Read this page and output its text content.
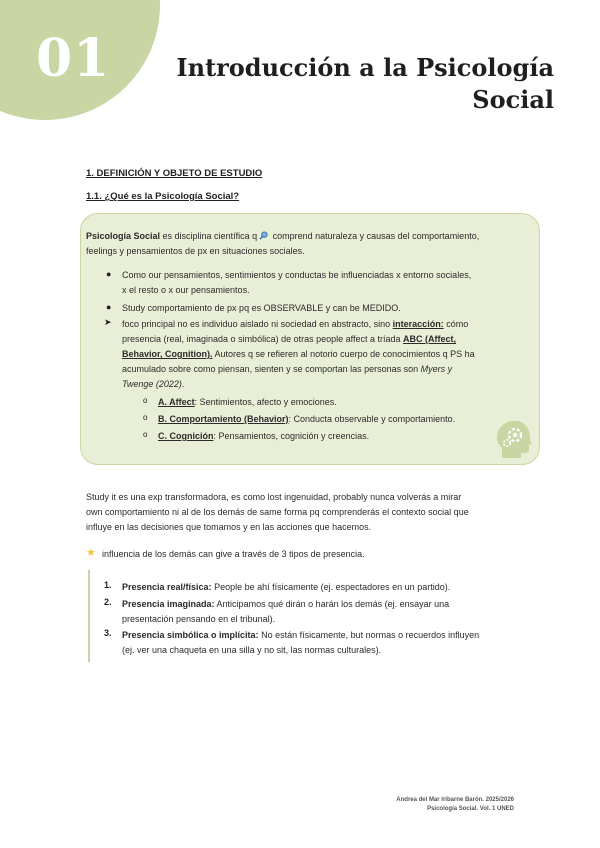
01	Introducción a la Psicología
Social
1. DEFINICIÓN Y OBJETO DE ESTUDIO
1.1. ¿Qué es la Psicología Social?
Psicología Social es disciplina científica q comprend naturaleza y causas del comportamiento,
feelings y pensamientos de px en situaciones sociales.
● Como our pensamientos, sentimientos y conductas be influenciadas x entorno sociales,
x el resto o x our pensamientos.
● Study comportamiento de px pq es OBSERVABLE y can be MEDIDO.
➤ foco principal no es individuo aislado ni sociedad en abstracto, sino interacción: cómo
presencia (real, imaginada o simbólica) de otras people affect a tríada ABC (Affect,
Behavior, Cognition). Autores q se refieren al notorio cuerpo de conocimientos q PS ha
acumulado sobre como piensan, sienten y se comportan las personas son Myers y
Twenge (2022).
o A. Affect: Sentimientos, afecto y emociones.
o B. Comportamiento (Behavior): Conducta observable y comportamiento.
o C. Cognición: Pensamientos, cognición y creencias.
Study it es una exp transformadora, es como lost ingenuidad, probably nunca volverás a mirar
own comportamiento ni al de los demás de same forma pq comprenderás el contexto social que
influye en las decisiones que tomamos y en las acciones que hacemos.
★ influencia de los demás can give a través de 3 tipos de presencia.
1. Presencia real/física: People be ahí físicamente (ej. espectadores en un partido).
2. Presencia imaginada: Anticipamos qué dirán o harán los demás (ej. ensayar una
presentación pensando en el tribunal).
3. Presencia simbólica o implícita: No están físicamente, but normas o recuerdos influyen
(ej. ver una chaqueta en una silla y no sit, las normas culturales).
Andrea del Mar Iribarne Barón. 2025/2026
Psicología Social. Vol. 1 UNED
